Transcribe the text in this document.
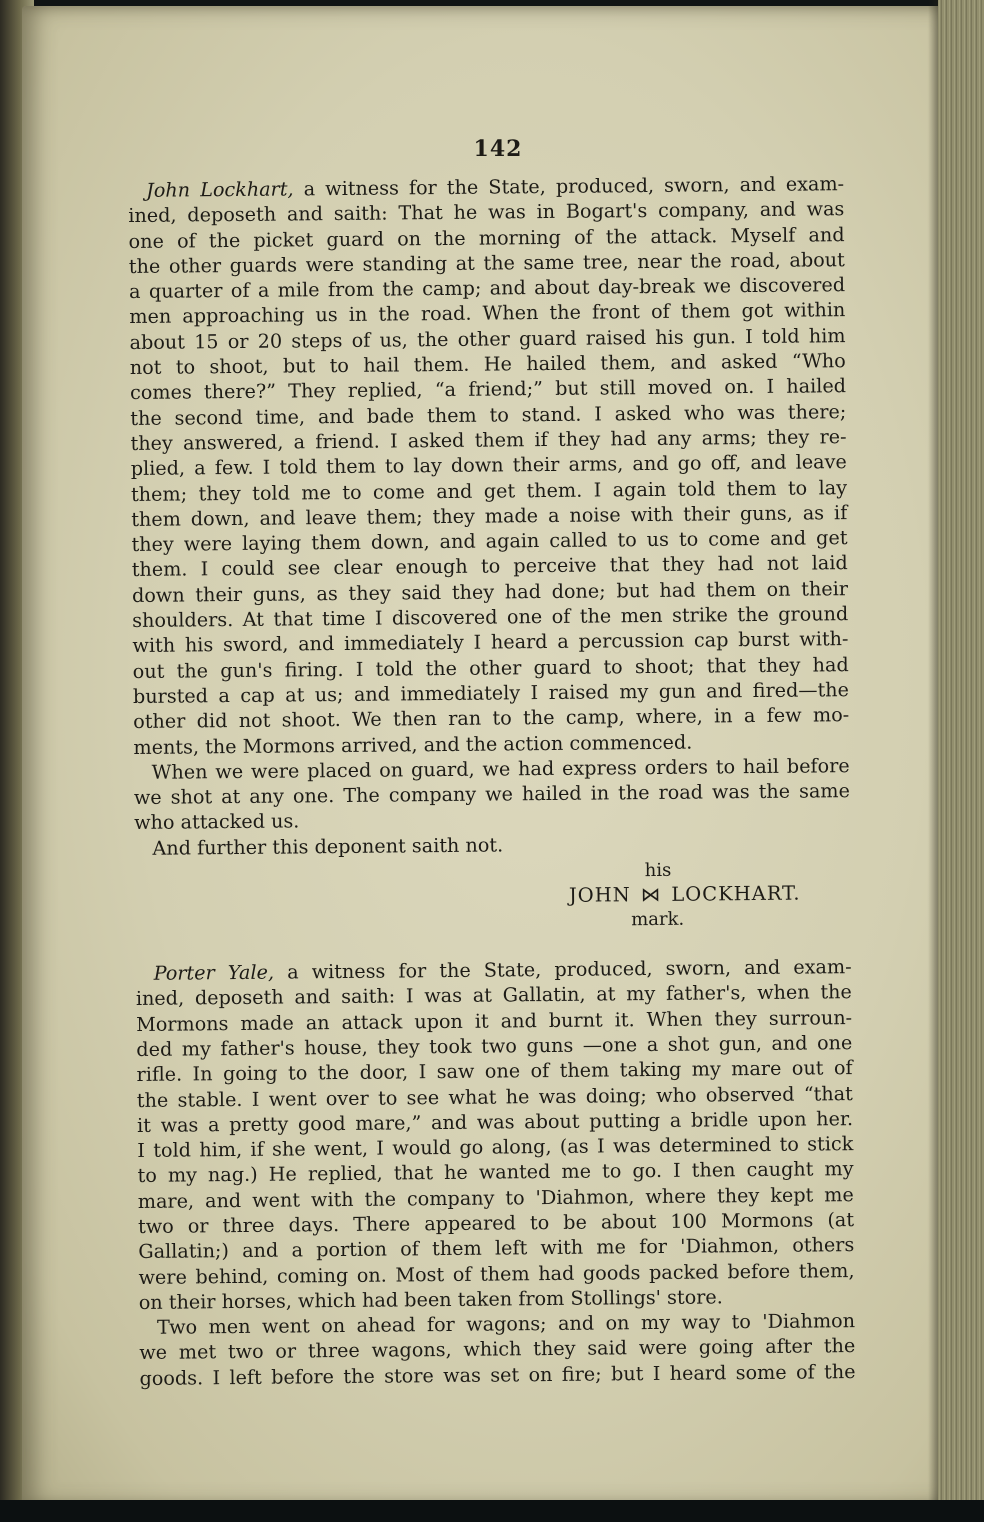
142
John Lockhart, a witness for the State, produced, sworn, and exam-
ined, deposeth and saith: That he was in Bogart's company, and was
one of the picket guard on the morning of the attack. Myself and
the other guards were standing at the same tree, near the road, about
a quarter of a mile from the camp; and about day-break we discovered
men approaching us in the road. When the front of them got within
about 15 or 20 steps of us, the other guard raised his gun. I told him
not to shoot, but to hail them. He hailed them, and asked “Who
comes there?” They replied, “a friend;” but still moved on. I hailed
the second time, and bade them to stand. I asked who was there;
they answered, a friend. I asked them if they had any arms; they re-
plied, a few. I told them to lay down their arms, and go off, and leave
them; they told me to come and get them. I again told them to lay
them down, and leave them; they made a noise with their guns, as if
they were laying them down, and again called to us to come and get
them. I could see clear enough to perceive that they had not laid
down their guns, as they said they had done; but had them on their
shoulders. At that time I discovered one of the men strike the ground
with his sword, and immediately I heard a percussion cap burst with-
out the gun's firing. I told the other guard to shoot; that they had
bursted a cap at us; and immediately I raised my gun and fired—the
other did not shoot. We then ran to the camp, where, in a few mo-
ments, the Mormons arrived, and the action commenced.
When we were placed on guard, we had express orders to hail before
we shot at any one. The company we hailed in the road was the same
who attacked us.
And further this deponent saith not.
his
JOHN ⋈ LOCKHART.
mark.
Porter Yale, a witness for the State, produced, sworn, and exam-
ined, deposeth and saith: I was at Gallatin, at my father's, when the
Mormons made an attack upon it and burnt it. When they surroun-
ded my father's house, they took two guns —one a shot gun, and one
rifle. In going to the door, I saw one of them taking my mare out of
the stable. I went over to see what he was doing; who observed “that
it was a pretty good mare,” and was about putting a bridle upon her.
I told him, if she went, I would go along, (as I was determined to stick
to my nag.) He replied, that he wanted me to go. I then caught my
mare, and went with the company to 'Diahmon, where they kept me
two or three days. There appeared to be about 100 Mormons (at
Gallatin;) and a portion of them left with me for 'Diahmon, others
were behind, coming on. Most of them had goods packed before them,
on their horses, which had been taken from Stollings' store.
Two men went on ahead for wagons; and on my way to 'Diahmon
we met two or three wagons, which they said were going after the
goods. I left before the store was set on fire; but I heard some of the
